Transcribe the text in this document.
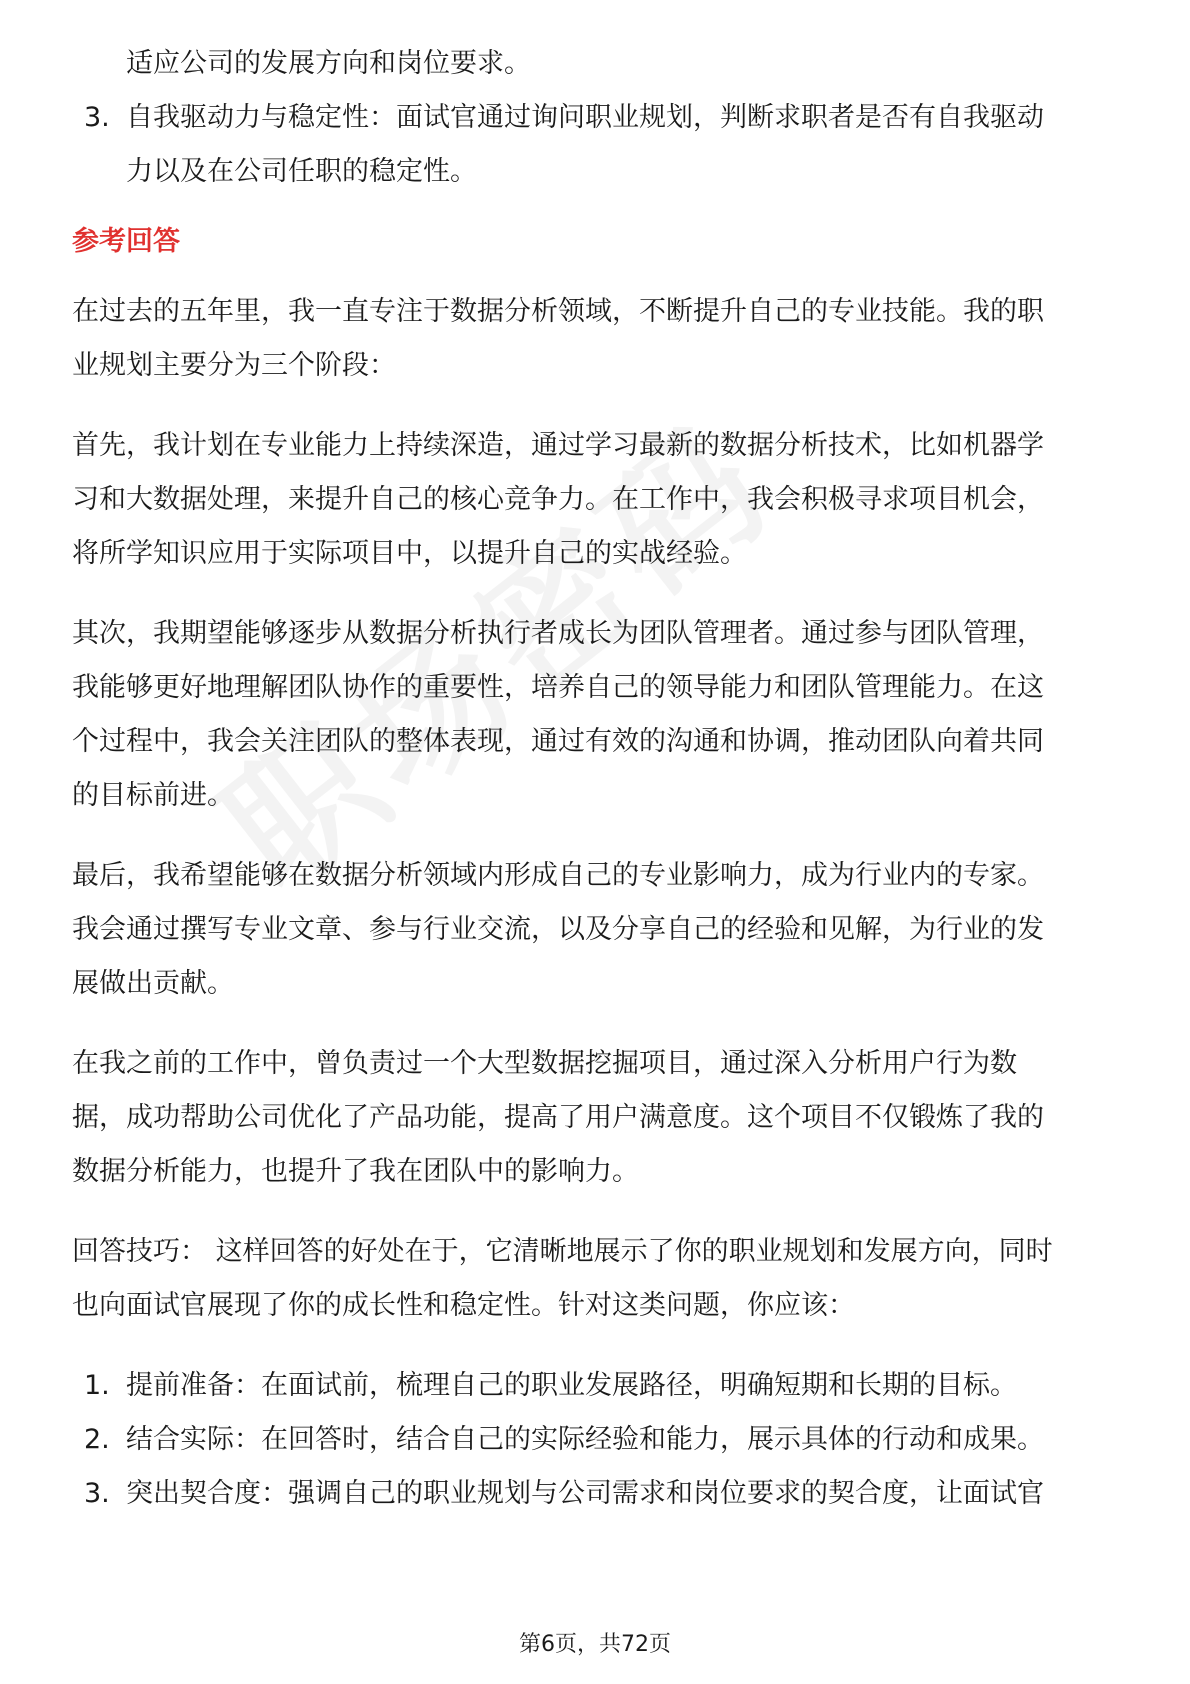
适应公司的发展方向和岗位要求。
3. 自我驱动力与稳定性：面试官通过询问职业规划，判断求职者是否有自我驱动
力以及在公司任职的稳定性。
参考回答
在过去的五年里，我一直专注于数据分析领域，不断提升自己的专业技能。我的职
业规划主要分为三个阶段：
首先，我计划在专业能力上持续深造，通过学习最新的数据分析技术，比如机器学
习和大数据处理，来提升自己的核心竞争力。在工作中，我会积极寻求项目机会，
将所学知识应用于实际项目中，以提升自己的实战经验。
其次，我期望能够逐步从数据分析执行者成长为团队管理者。通过参与团队管理，
我能够更好地理解团队协作的重要性，培养自己的领导能力和团队管理能力。在这
个过程中，我会关注团队的整体表现，通过有效的沟通和协调，推动团队向着共同
的目标前进。
最后，我希望能够在数据分析领域内形成自己的专业影响力，成为行业内的专家。
我会通过撰写专业文章、参与行业交流，以及分享自己的经验和见解，为行业的发
展做出贡献。
在我之前的工作中，曾负责过一个大型数据挖掘项目，通过深入分析用户行为数
据，成功帮助公司优化了产品功能，提高了用户满意度。这个项目不仅锻炼了我的
数据分析能力，也提升了我在团队中的影响力。
回答技巧： 这样回答的好处在于，它清晰地展示了你的职业规划和发展方向，同时
也向面试官展现了你的成长性和稳定性。针对这类问题，你应该：
1. 提前准备：在面试前，梳理自己的职业发展路径，明确短期和长期的目标。
2. 结合实际：在回答时，结合自己的实际经验和能力，展示具体的行动和成果。
3. 突出契合度：强调自己的职业规划与公司需求和岗位要求的契合度，让面试官
第6页，共72页
